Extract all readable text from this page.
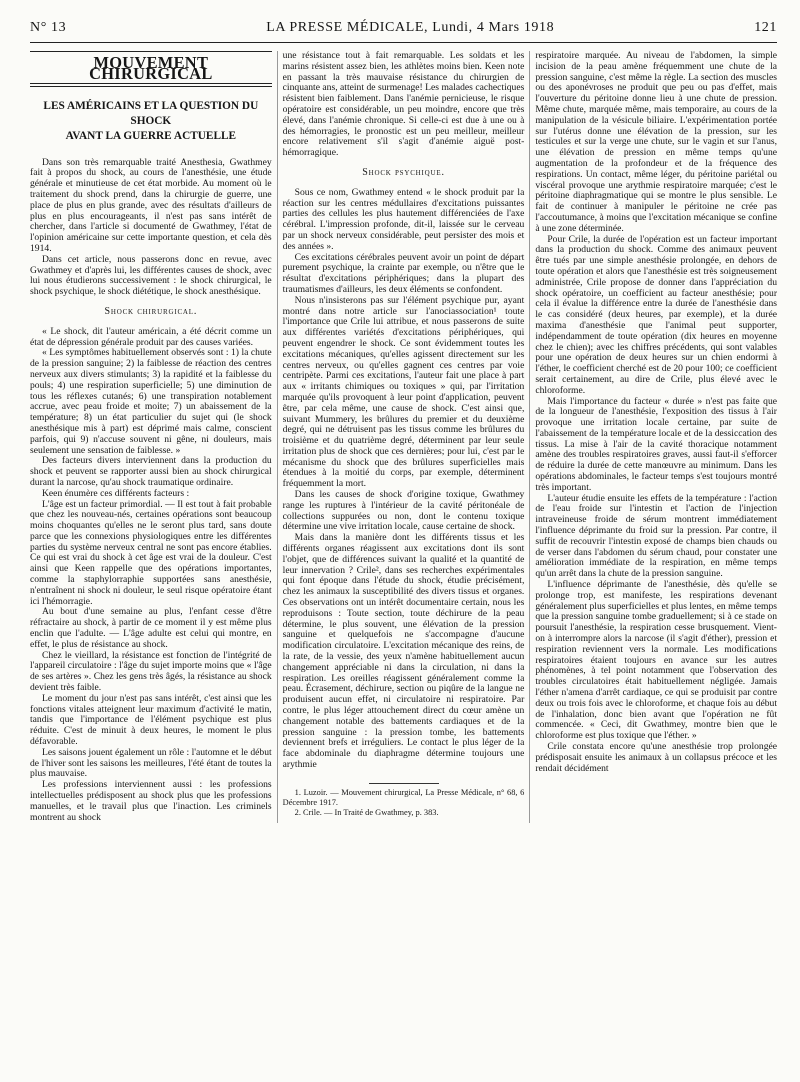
N° 13	LA PRESSE MÉDICALE, Lundi, 4 Mars 1918	121
MOUVEMENT CHIRURGICAL
LES AMÉRICAINS ET LA QUESTION DU SHOCK
AVANT LA GUERRE ACTUELLE

Dans son très remarquable traité Anesthesia, Gwathmey fait à propos du shock, au cours de l'anesthésie, une étude générale et minutieuse de cet état morbide. Au moment où le traitement du shock prend, dans la chirurgie de guerre, une place de plus en plus grande, avec des résultats d'ailleurs de plus en plus encourageants, il n'est pas sans intérêt de chercher, dans l'article si documenté de Gwathmey, l'état de l'opinion américaine sur cette importante question, et cela dès 1914.

Dans cet article, nous passerons donc en revue, avec Gwathmey et d'après lui, les différentes causes de shock, avec lui nous étudierons successivement : le shock chirurgical, le shock psychique, le shock diététique, le shock anesthésique.

Shock chirurgical.

« Le shock, dit l'auteur américain, a été décrit comme un état de dépression générale produit par des causes variées.

« Les symptômes habituellement observés sont : 1) la chute de la pression sanguine; 2) la faiblesse de réaction des centres nerveux aux divers stimulants; 3) la rapidité et la faiblesse du pouls; 4) une respiration superficielle; 5) une diminution de tous les réflexes cutanés; 6) une transpiration notablement accrue, avec peau froide et moite; 7) un abaissement de la température; 8) un état particulier du sujet qui (le shock anesthésique mis à part) est déprimé mais calme, conscient parfois, qui 9) n'accuse souvent ni gêne, ni douleurs, mais seulement une sensation de faiblesse. »

Des facteurs divers interviennent dans la production du shock et peuvent se rapporter aussi bien au shock chirurgical durant la narcose, qu'au shock traumatique ordinaire.

Keen énumère ces différents facteurs :

L'âge est un facteur primordial. — Il est tout à fait probable que chez les nouveau-nés, certaines opérations sont beaucoup moins choquantes qu'elles ne le seront plus tard, sans doute parce que les connexions physiologiques entre les différentes parties du système nerveux central ne sont pas encore établies. Ce qui est vrai du shock à cet âge est vrai de la douleur. C'est ainsi que Keen rappelle que des opérations importantes, comme la staphylorraphie supportées sans anesthésie, n'entraînent ni shock ni douleur, le seul risque opératoire étant ici l'hémorragie.

Au bout d'une semaine au plus, l'enfant cesse d'être réfractaire au shock, à partir de ce moment il y est même plus enclin que l'adulte. — L'âge adulte est celui qui montre, en effet, le plus de résistance au shock.

Chez le vieillard, la résistance est fonction de l'intégrité de l'appareil circulatoire : l'âge du sujet importe moins que « l'âge de ses artères ». Chez les gens très âgés, la résistance au shock devient très faible.

Le moment du jour n'est pas sans intérêt, c'est ainsi que les fonctions vitales atteignent leur maximum d'activité le matin, tandis que l'importance de l'élément psychique est plus réduite. C'est de minuit à deux heures, le moment le plus défavorable.

Les saisons jouent également un rôle : l'automne et le début de l'hiver sont les saisons les meilleures, l'été étant de toutes la plus mauvaise.

Les professions interviennent aussi : les professions intellectuelles prédisposent au shock plus que les professions manuelles, et le travail plus que l'inaction. Les criminels montrent au shock

une résistance tout à fait remarquable. Les soldats et les marins résistent assez bien, les athlètes moins bien. Keen note en passant la très mauvaise résistance du chirurgien de cinquante ans, atteint de surmenage! Les malades cachectiques résistent bien faiblement. Dans l'anémie pernicieuse, le risque opératoire est considérable, un peu moindre, encore que très élevé, dans l'anémie chronique. Si celle-ci est due à une ou à des hémorragies, le pronostic est un peu meilleur, meilleur encore relativement s'il s'agit d'anémie aiguë post-hémorragique.

Shock psychique.

Sous ce nom, Gwathmey entend « le shock produit par la réaction sur les centres médullaires d'excitations puissantes parties des cellules les plus hautement différenciées de l'axe cérébral. L'impression profonde, dit-il, laissée sur le cerveau par un shock nerveux considérable, peut persister des mois et des années ».

Ces excitations cérébrales peuvent avoir un point de départ purement psychique, la crainte par exemple, ou n'être que le résultat d'excitations périphériques; dans la plupart des traumatismes d'ailleurs, les deux éléments se confondent.

Nous n'insisterons pas sur l'élément psychique pur, ayant montré dans notre article sur l'anociassociation¹ toute l'importance que Crile lui attribue, et nous passerons de suite aux différentes variétés d'excitations périphériques, qui peuvent engendrer le shock. Ce sont évidemment toutes les excitations mécaniques, qu'elles agissent directement sur les centres nerveux, ou qu'elles gagnent ces centres par voie centripète. Parmi ces excitations, l'auteur fait une place à part aux « irritants chimiques ou toxiques » qui, par l'irritation marquée qu'ils provoquent à leur point d'application, peuvent être, par cela même, une cause de shock. C'est ainsi que, suivant Mummery, les brûlures du premier et du deuxième degré, qui ne détruisent pas les tissus comme les brûlures du troisième et du quatrième degré, déterminent par leur seule irritation plus de shock que ces dernières; pour lui, c'est par le mécanisme du shock que des brûlures superficielles mais étendues à la moitié du corps, par exemple, déterminent fréquemment la mort.

Dans les causes de shock d'origine toxique, Gwathmey range les ruptures à l'intérieur de la cavité péritonéale de collections suppurées ou non, dont le contenu toxique détermine une vive irritation locale, cause certaine de shock.

Mais dans la manière dont les différents tissus et les différents organes réagissent aux excitations dont ils sont l'objet, que de différences suivant la qualité et la quantité de leur innervation ? Crile², dans ses recherches expérimentales qui font époque dans l'étude du shock, étudie précisément, chez les animaux la susceptibilité des divers tissus et organes. Ces observations ont un intérêt documentaire certain, nous les reproduisons : Toute section, toute déchirure de la peau détermine, le plus souvent, une élévation de la pression sanguine et quelquefois ne s'accompagne d'aucune modification circulatoire. L'excitation mécanique des reins, de la rate, de la vessie, des yeux n'amène habituellement aucun changement appréciable ni dans la circulation, ni dans la respiration. Les oreilles réagissent généralement comme la peau. Écrasement, déchirure, section ou piqûre de la langue ne produisent aucun effet, ni circulatoire ni respiratoire. Par contre, le plus léger attouchement direct du cœur amène un changement notable des battements cardiaques et de la pression sanguine : la pression tombe, les battements deviennent brefs et irréguliers. Le contact le plus léger de la face abdominale du diaphragme détermine toujours une arythmie

1. Luzoir. — Mouvement chirurgical, La Presse Médicale, n° 68, 6 Décembre 1917.

2. Crile. — In Traité de Gwathmey, p. 383.

respiratoire marquée. Au niveau de l'abdomen, la simple incision de la peau amène fréquemment une chute de la pression sanguine, c'est même la règle. La section des muscles ou des aponévroses ne produit que peu ou pas d'effet, mais l'ouverture du péritoine donne lieu à une chute de pression. Même chute, marquée même, mais temporaire, au cours de la manipulation de la vésicule biliaire. L'expérimentation portée sur l'utérus donne une élévation de la pression, sur les testicules et sur la verge une chute, sur le vagin et sur l'anus, une élévation de pression en même temps qu'une augmentation de la profondeur et de la fréquence des respirations. Un contact, même léger, du péritoine pariétal ou viscéral provoque une arythmie respiratoire marquée; c'est le péritoine diaphragmatique qui se montre le plus sensible. Le fait de continuer à manipuler le péritoine ne crée pas l'accoutumance, à moins que l'excitation mécanique se confine à une zone déterminée.

Pour Crile, la durée de l'opération est un facteur important dans la production du shock. Comme des animaux peuvent être tués par une simple anesthésie prolongée, en dehors de toute opération et alors que l'anesthésie est très soigneusement administrée, Crile propose de donner dans l'appréciation du shock opératoire, un coefficient au facteur anesthésie; pour cela il évalue la différence entre la durée de l'anesthésie dans le cas considéré (deux heures, par exemple), et la durée maxima d'anesthésie que l'animal peut supporter, indépendamment de toute opération (dix heures en moyenne chez le chien); avec les chiffres précédents, qui sont valables pour une opération de deux heures sur un chien endormi à l'éther, le coefficient cherché est de 20 pour 100; ce coefficient serait certainement, au dire de Crile, plus élevé avec le chloroforme.

Mais l'importance du facteur « durée » n'est pas faite que de la longueur de l'anesthésie, l'exposition des tissus à l'air provoque une irritation locale certaine, par suite de l'abaissement de la température locale et de la dessiccation des tissus. La mise à l'air de la cavité thoracique notamment amène des troubles respiratoires graves, aussi faut-il s'efforcer de réduire la durée de cette manœuvre au minimum. Dans les opérations abdominales, le facteur temps s'est toujours montré très important.

L'auteur étudie ensuite les effets de la température : l'action de l'eau froide sur l'intestin et l'action de l'injection intraveineuse froide de sérum montrent immédiatement l'influence déprimante du froid sur la pression. Par contre, il suffit de recouvrir l'intestin exposé de champs bien chauds ou de verser dans l'abdomen du sérum chaud, pour constater une amélioration immédiate de la respiration, en même temps qu'un arrêt dans la chute de la pression sanguine.

L'influence déprimante de l'anesthésie, dès qu'elle se prolonge trop, est manifeste, les respirations devenant généralement plus superficielles et plus lentes, en même temps que la pression sanguine tombe graduellement; si à ce stade on poursuit l'anesthésie, la respiration cesse brusquement. Vient-on à interrompre alors la narcose (il s'agit d'éther), pression et respiration reviennent vers la normale. Les modifications respiratoires étaient toujours en avance sur les autres phénomènes, à tel point notamment que l'observation des troubles circulatoires était habituellement négligée. Jamais l'éther n'amena d'arrêt cardiaque, ce qui se produisit par contre deux ou trois fois avec le chloroforme, et chaque fois au début de l'inhalation, donc bien avant que l'opération ne fût commencée. « Ceci, dit Gwathmey, montre bien que le chloroforme est plus toxique que l'éther. »

Crile constata encore qu'une anesthésie trop prolongée prédisposait ensuite les animaux à un collapsus précoce et les rendait décidément
